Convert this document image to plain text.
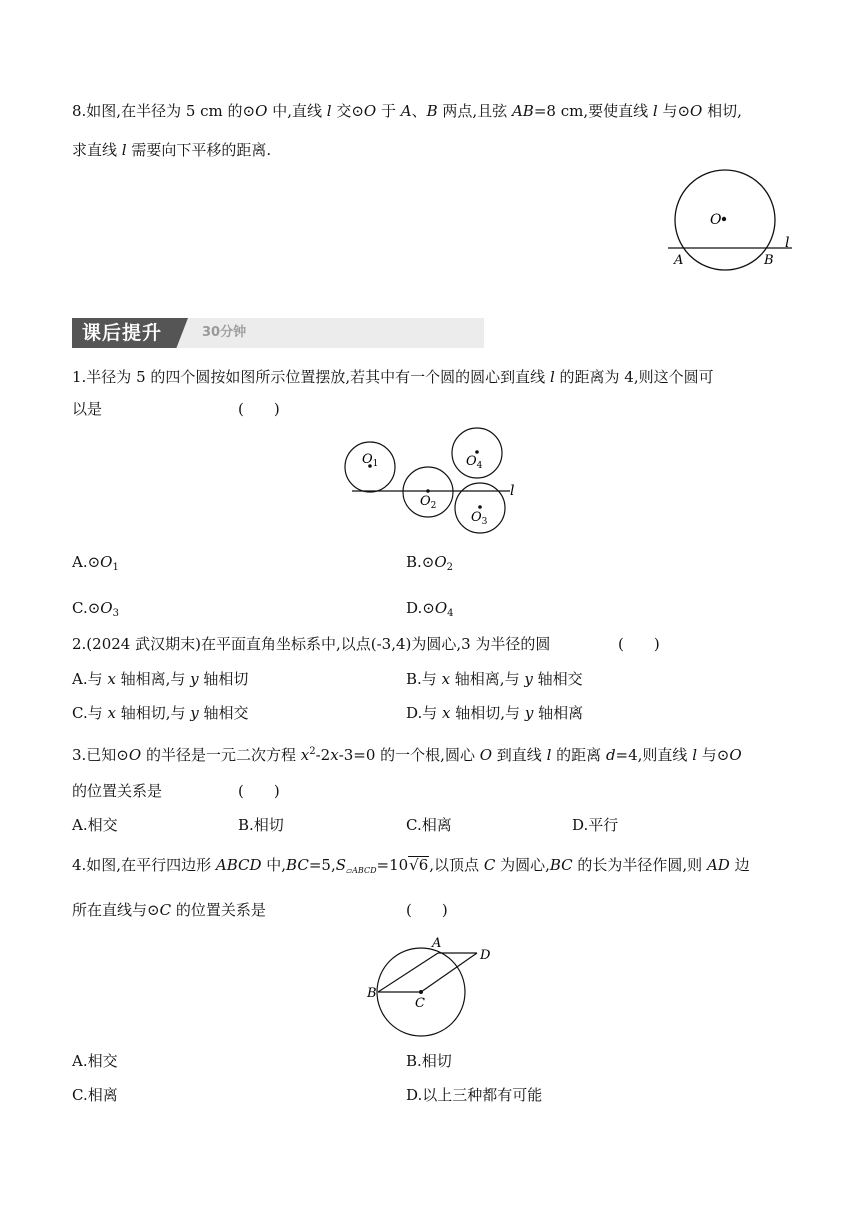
8.如图,在半径为 5 cm 的⊙O 中,直线 l 交⊙O 于 A、B 两点,且弦 AB=8 cm,要使直线 l 与⊙O 相切,
求直线 l 需要向下平移的距离.
O
l
A	B
课后提升	30分钟
1.半径为 5 的四个圆按如图所示位置摆放,若其中有一个圆的圆心到直线 l 的距离为 4,则这个圆可
以是	(　　)
$O_1$
$O_2$
$O_3$
$O_4$
l
$A.⊙O_1$	$B.⊙O_2$
$C.⊙O_3$	$D.⊙O_4$
2.(2024 武汉期末)在平面直角坐标系中,以点(-3,4)为圆心,3 为半径的圆	(　　)
A.与 x 轴相离,与 y 轴相切	B.与 x 轴相离,与 y 轴相交
C.与 x 轴相切,与 y 轴相交	D.与 x 轴相切,与 y 轴相离
3.已知⊙O 的半径是一元二次方程 $x^2-2x-3=0$ 的一个根,圆心 O 到直线 l 的距离 d=4,则直线 l 与⊙O
的位置关系是	(　　)
A.相交	B.相切	C.相离	D.平行
4.如图,在平行四边形 ABCD 中$,BC=5,S_{▱ABCD}=10√6$,以顶点 C 为圆心,BC 的长为半径作圆,则 AD 边
所在直线与⊙C 的位置关系是	(　　)
A
B
C
D
A.相交	B.相切
C.相离	D.以上三种都有可能
